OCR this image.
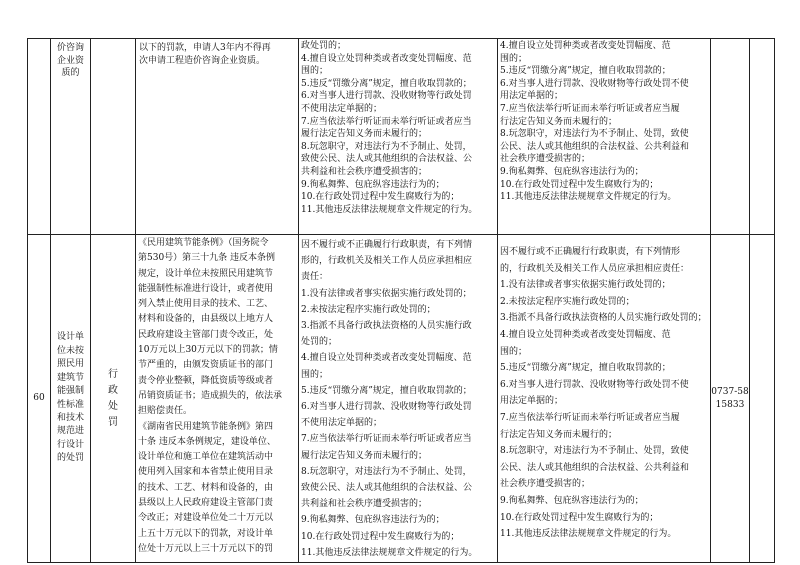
价咨询
企业资
质的
以下的罚款，申请人3年内不得再
次申请工程造价咨询企业资质。
政处罚的；
4.擅自设立处罚种类或者改变处罚幅度、范
围的；
5.违反“罚缴分离”规定，擅自收取罚款的；
6.对当事人进行罚款、没收财物等行政处罚
不使用法定单据的；
7.应当依法举行听证而未举行听证或者应当
履行法定告知义务而未履行的；
8.玩忽职守，对违法行为不予制止、处罚，
致使公民、法人或其他组织的合法权益、公
共利益和社会秩序遭受损害的；
9.徇私舞弊、包庇纵容违法行为的；
10.在行政处罚过程中发生腐败行为的；
11.其他违反法律法规规章文件规定的行为。
4.擅自设立处罚种类或者改变处罚幅度、范
围的；
5.违反“罚缴分离”规定，擅自收取罚款的；
6.对当事人进行罚款、没收财物等行政处罚不使
用法定单据的；
7.应当依法举行听证而未举行听证或者应当履
行法定告知义务而未履行的；
8.玩忽职守，对违法行为不予制止、处罚，致使
公民、法人或其他组织的合法权益、公共利益和
社会秩序遭受损害的；
9.徇私舞弊、包庇纵容违法行为的；
10.在行政处罚过程中发生腐败行为的；
11.其他违反法律法规规章文件规定的行为。
60
设计单
位未按
照民用
建筑节
能强制
性标准
和技术
规范进
行设计
的处罚
行
政
处
罚
《民用建筑节能条例》（国务院令
第530号）第三十九条 违反本条例
规定，设计单位未按照民用建筑节
能强制性标准进行设计，或者使用
列入禁止使用目录的技术、工艺、
材料和设备的，由县级以上地方人
民政府建设主管部门责令改正，处
10万元以上30万元以下的罚款；情
节严重的，由颁发资质证书的部门
责令停业整顿，降低资质等级或者
吊销资质证书；造成损失的，依法承
担赔偿责任。
《湖南省民用建筑节能条例》第四
十条 违反本条例规定，建设单位、
设计单位和施工单位在建筑活动中
使用列入国家和本省禁止使用目录
的技术、工艺、材料和设备的，由
县级以上人民政府建设主管部门责
令改正；对建设单位处二十万元以
上五十万元以下的罚款，对设计单
位处十万元以上三十万元以下的罚
因不履行或不正确履行行政职责，有下列情
形的，行政机关及相关工作人员应承担相应
责任：
1.没有法律或者事实依据实施行政处罚的；
2.未按法定程序实施行政处罚的；
3.指派不具备行政执法资格的人员实施行政
处罚的；
4.擅自设立处罚种类或者改变处罚幅度、范
围的；
5.违反“罚缴分离”规定，擅自收取罚款的；
6.对当事人进行罚款、没收财物等行政处罚
不使用法定单据的；
7.应当依法举行听证而未举行听证或者应当
履行法定告知义务而未履行的；
8.玩忽职守，对违法行为不予制止、处罚，
致使公民、法人或其他组织的合法权益、公
共利益和社会秩序遭受损害的；
9.徇私舞弊、包庇纵容违法行为的；
10.在行政处罚过程中发生腐败行为的；
11.其他违反法律法规规章文件规定的行为。
因不履行或不正确履行行政职责，有下列情形
的，行政机关及相关工作人员应承担相应责任：
1.没有法律或者事实依据实施行政处罚的；
2.未按法定程序实施行政处罚的；
3.指派不具备行政执法资格的人员实施行政处罚的；
4.擅自设立处罚种类或者改变处罚幅度、范
围的；
5.违反“罚缴分离”规定，擅自收取罚款的；
6.对当事人进行罚款、没收财物等行政处罚不使
用法定单据的；
7.应当依法举行听证而未举行听证或者应当履
行法定告知义务而未履行的；
8.玩忽职守，对违法行为不予制止、处罚，致使
公民、法人或其他组织的合法权益、公共利益和
社会秩序遭受损害的；
9.徇私舞弊、包庇纵容违法行为的；
10.在行政处罚过程中发生腐败行为的；
11.其他违反法律法规规章文件规定的行为。
0737-58
15833
